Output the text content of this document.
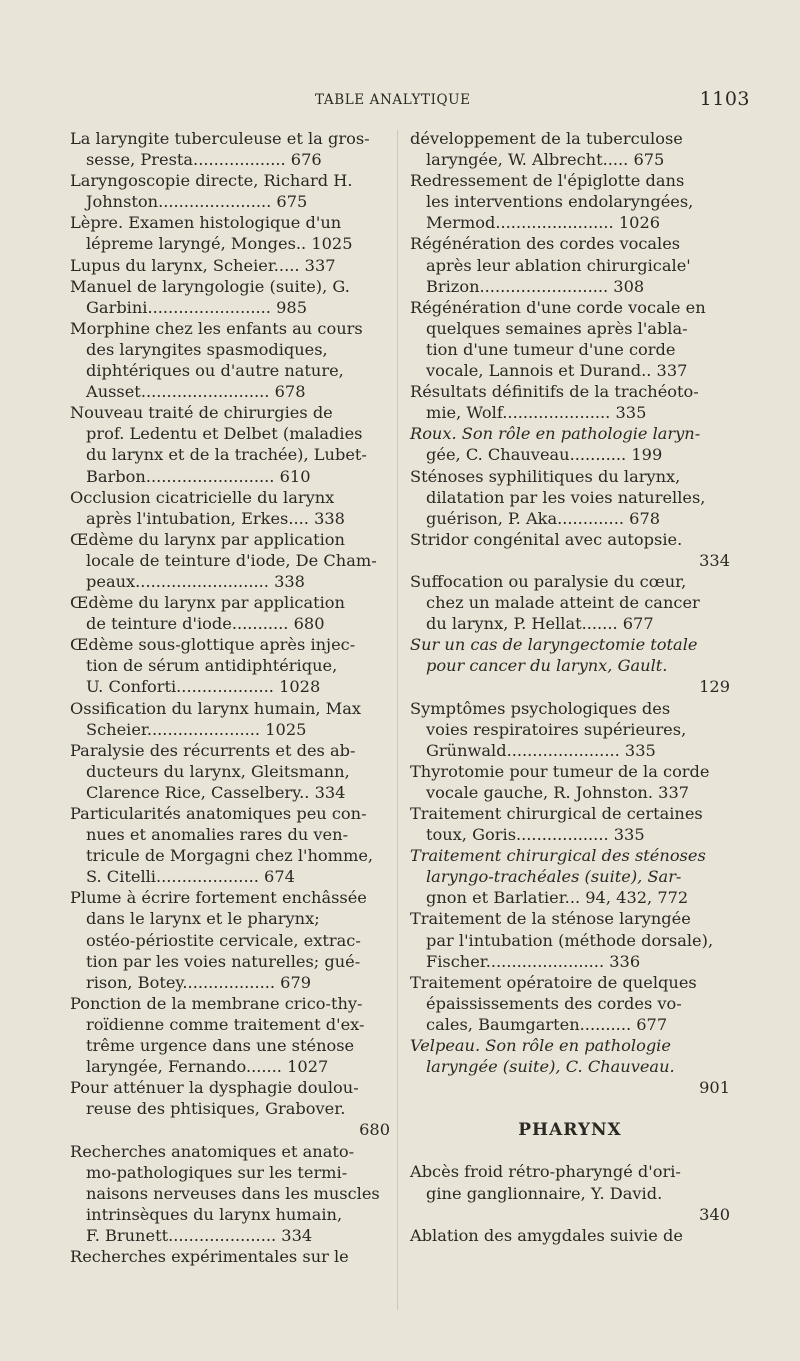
TABLE ANALYTIQUE	1103
La laryngite tuberculeuse et la gros-
sesse, Presta.................. 676
Laryngoscopie directe, Richard H.
Johnston...................... 675
Lèpre. Examen histologique d'un
lépreme laryngé, Monges.. 1025
Lupus du larynx, Scheier..... 337
Manuel de laryngologie (suite), G.
Garbini........................ 985
Morphine chez les enfants au cours
des laryngites spasmodiques,
diphtériques ou d'autre nature,
Ausset......................... 678
Nouveau traité de chirurgies de
prof. Ledentu et Delbet (maladies
du larynx et de la trachée), Lubet-
Barbon......................... 610
Occlusion cicatricielle du larynx
après l'intubation, Erkes.... 338
Œdème du larynx par application
locale de teinture d'iode, De Cham-
peaux.......................... 338
Œdème du larynx par application
de teinture d'iode........... 680
Œdème sous-glottique après injec-
tion de sérum antidiphtérique,
U. Conforti................... 1028
Ossification du larynx humain, Max
Scheier...................... 1025
Paralysie des récurrents et des ab-
ducteurs du larynx, Gleitsmann,
Clarence Rice, Casselbery.. 334
Particularités anatomiques peu con-
nues et anomalies rares du ven-
tricule de Morgagni chez l'homme,
S. Citelli.................... 674
Plume à écrire fortement enchâssée
dans le larynx et le pharynx;
ostéo-périostite cervicale, extrac-
tion par les voies naturelles; gué-
rison, Botey.................. 679
Ponction de la membrane crico-thy-
roïdienne comme traitement d'ex-
trême urgence dans une sténose
laryngée, Fernando....... 1027
Pour atténuer la dysphagie doulou-
reuse des phtisiques, Grabover.
680
Recherches anatomiques et anato-
mo-pathologiques sur les termi-
naisons nerveuses dans les muscles
intrinsèques du larynx humain,
F. Brunett..................... 334
Recherches expérimentales sur le
développement de la tuberculose
laryngée, W. Albrecht..... 675
Redressement de l'épiglotte dans
les interventions endolaryngées,
Mermod....................... 1026
Régénération des cordes vocales
après leur ablation chirurgicale'
Brizon......................... 308
Régénération d'une corde vocale en
quelques semaines après l'abla-
tion d'une tumeur d'une corde
vocale, Lannois et Durand.. 337
Résultats définitifs de la trachéoto-
mie, Wolf..................... 335
Roux. Son rôle en pathologie laryn-
gée, C. Chauveau........... 199
Sténoses syphilitiques du larynx,
dilatation par les voies naturelles,
guérison, P. Aka............. 678
Stridor congénital avec autopsie.
334
Suffocation ou paralysie du cœur,
chez un malade atteint de cancer
du larynx, P. Hellat....... 677
Sur un cas de laryngectomie totale
pour cancer du larynx, Gault.
129
Symptômes psychologiques des
voies respiratoires supérieures,
Grünwald...................... 335
Thyrotomie pour tumeur de la corde
vocale gauche, R. Johnston. 337
Traitement chirurgical de certaines
toux, Goris.................. 335
Traitement chirurgical des sténoses
laryngo-trachéales (suite), Sar-
gnon et Barlatier... 94, 432, 772
Traitement de la sténose laryngée
par l'intubation (méthode dorsale),
Fischer....................... 336
Traitement opératoire de quelques
épaississements des cordes vo-
cales, Baumgarten.......... 677
Velpeau. Son rôle en pathologie
laryngée (suite), C. Chauveau.
901
PHARYNX
Abcès froid rétro-pharyngé d'ori-
gine ganglionnaire, Y. David.
340
Ablation des amygdales suivie de
